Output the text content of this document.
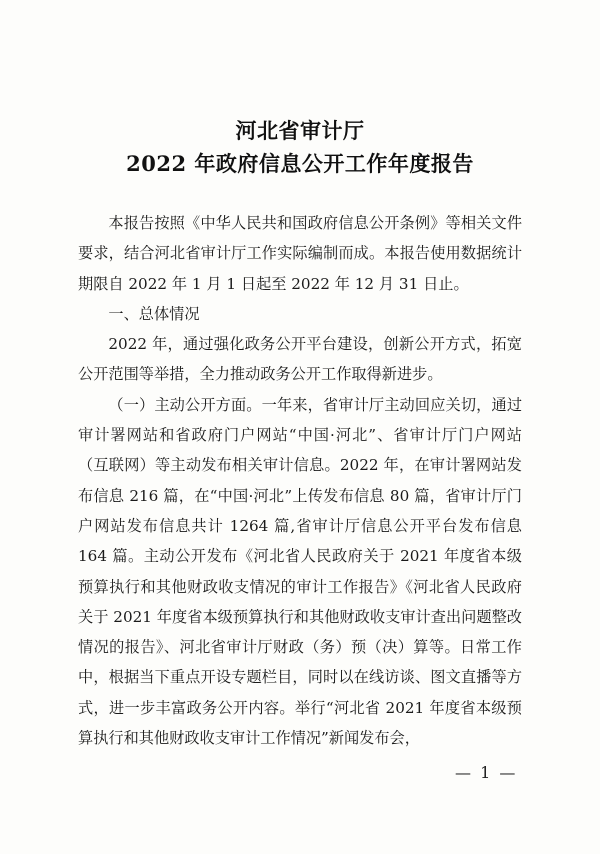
河北省审计厅
2022 年政府信息公开工作年度报告

本报告按照《中华人民共和国政府信息公开条例》等相关文件要求，结合河北省审计厅工作实际编制而成。本报告使用数据统计期限自 2022 年 1 月 1 日起至 2022 年 12 月 31 日止。

一、总体情况

2022 年，通过强化政务公开平台建设，创新公开方式，拓宽公开范围等举措，全力推动政务公开工作取得新进步。

（一）主动公开方面。一年来，省审计厅主动回应关切，通过审计署网站和省政府门户网站“中国·河北”、省审计厅门户网站（互联网）等主动发布相关审计信息。2022 年，在审计署网站发布信息 216 篇，在“中国·河北”上传发布信息 80 篇，省审计厅门户网站发布信息共计 1264 篇,省审计厅信息公开平台发布信息 164 篇。主动公开发布《河北省人民政府关于 2021 年度省本级预算执行和其他财政收支情况的审计工作报告》《河北省人民政府关于 2021 年度省本级预算执行和其他财政收支审计查出问题整改情况的报告》、河北省审计厅财政（务）预（决）算等。日常工作中，根据当下重点开设专题栏目，同时以在线访谈、图文直播等方式，进一步丰富政务公开内容。举行“河北省 2021 年度省本级预算执行和其他财政收支审计工作情况”新闻发布会，

— 1 —
